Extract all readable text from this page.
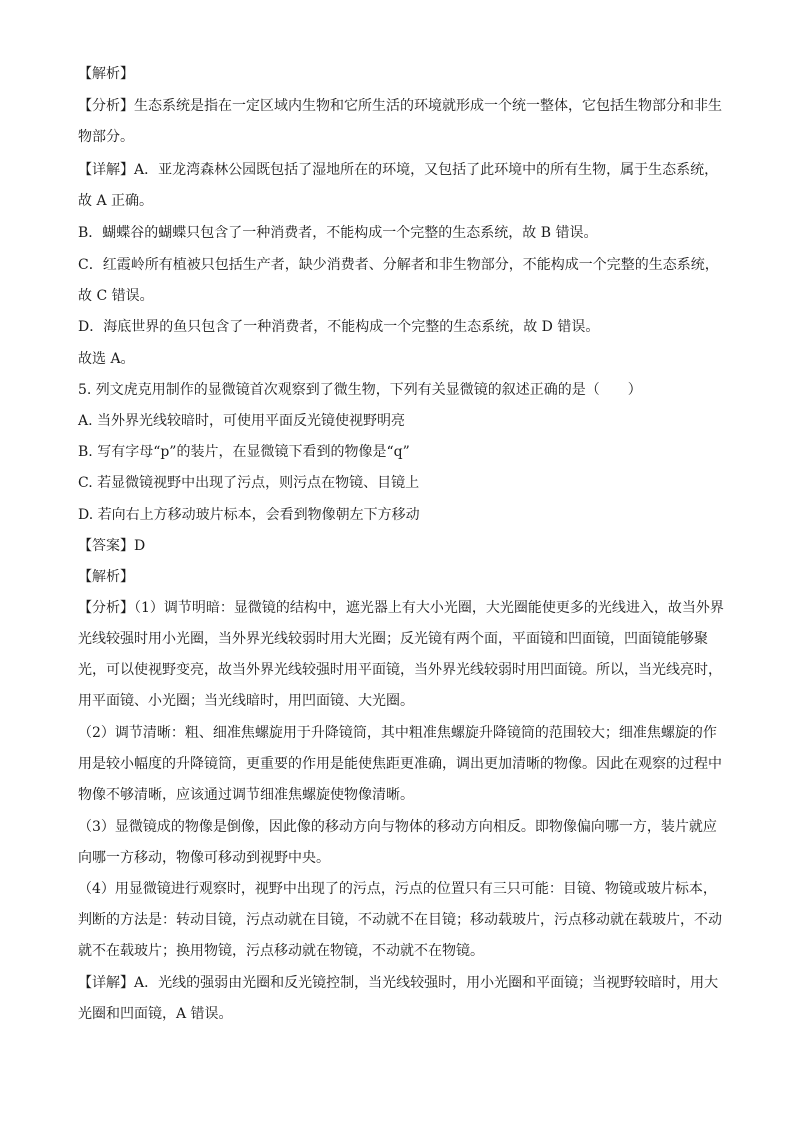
【解析】

【分析】生态系统是指在一定区域内生物和它所生活的环境就形成一个统一整体，它包括生物部分和非生

物部分。

【详解】A．亚龙湾森林公园既包括了湿地所在的环境，又包括了此环境中的所有生物，属于生态系统，

故 A 正确。

B．蝴蝶谷的蝴蝶只包含了一种消费者，不能构成一个完整的生态系统，故 B 错误。

C．红霞岭所有植被只包括生产者，缺少消费者、分解者和非生物部分，不能构成一个完整的生态系统，

故 C 错误。

D．海底世界的鱼只包含了一种消费者，不能构成一个完整的生态系统，故 D 错误。

故选 A。

5. 列文虎克用制作的显微镜首次观察到了微生物，下列有关显微镜的叙述正确的是（　　）

A. 当外界光线较暗时，可使用平面反光镜使视野明亮

B. 写有字母“p”的装片，在显微镜下看到的物像是“q”

C. 若显微镜视野中出现了污点，则污点在物镜、目镜上

D. 若向右上方移动玻片标本，会看到物像朝左下方移动

【答案】D

【解析】

【分析】（1）调节明暗：显微镜的结构中，遮光器上有大小光圈，大光圈能使更多的光线进入，故当外界

光线较强时用小光圈，当外界光线较弱时用大光圈；反光镜有两个面，平面镜和凹面镜，凹面镜能够聚

光，可以使视野变亮，故当外界光线较强时用平面镜，当外界光线较弱时用凹面镜。所以，当光线亮时，

用平面镜、小光圈；当光线暗时，用凹面镜、大光圈。

（2）调节清晰：粗、细准焦螺旋用于升降镜筒，其中粗准焦螺旋升降镜筒的范围较大；细准焦螺旋的作

用是较小幅度的升降镜筒，更重要的作用是能使焦距更准确，调出更加清晰的物像。因此在观察的过程中

物像不够清晰，应该通过调节细准焦螺旋使物像清晰。

（3）显微镜成的物像是倒像，因此像的移动方向与物体的移动方向相反。即物像偏向哪一方，装片就应

向哪一方移动，物像可移动到视野中央。

（4）用显微镜进行观察时，视野中出现了的污点，污点的位置只有三只可能：目镜、物镜或玻片标本，

判断的方法是：转动目镜，污点动就在目镜，不动就不在目镜；移动载玻片，污点移动就在载玻片，不动

就不在载玻片；换用物镜，污点移动就在物镜，不动就不在物镜。

【详解】A．光线的强弱由光圈和反光镜控制，当光线较强时，用小光圈和平面镜；当视野较暗时，用大

光圈和凹面镜，A 错误。
